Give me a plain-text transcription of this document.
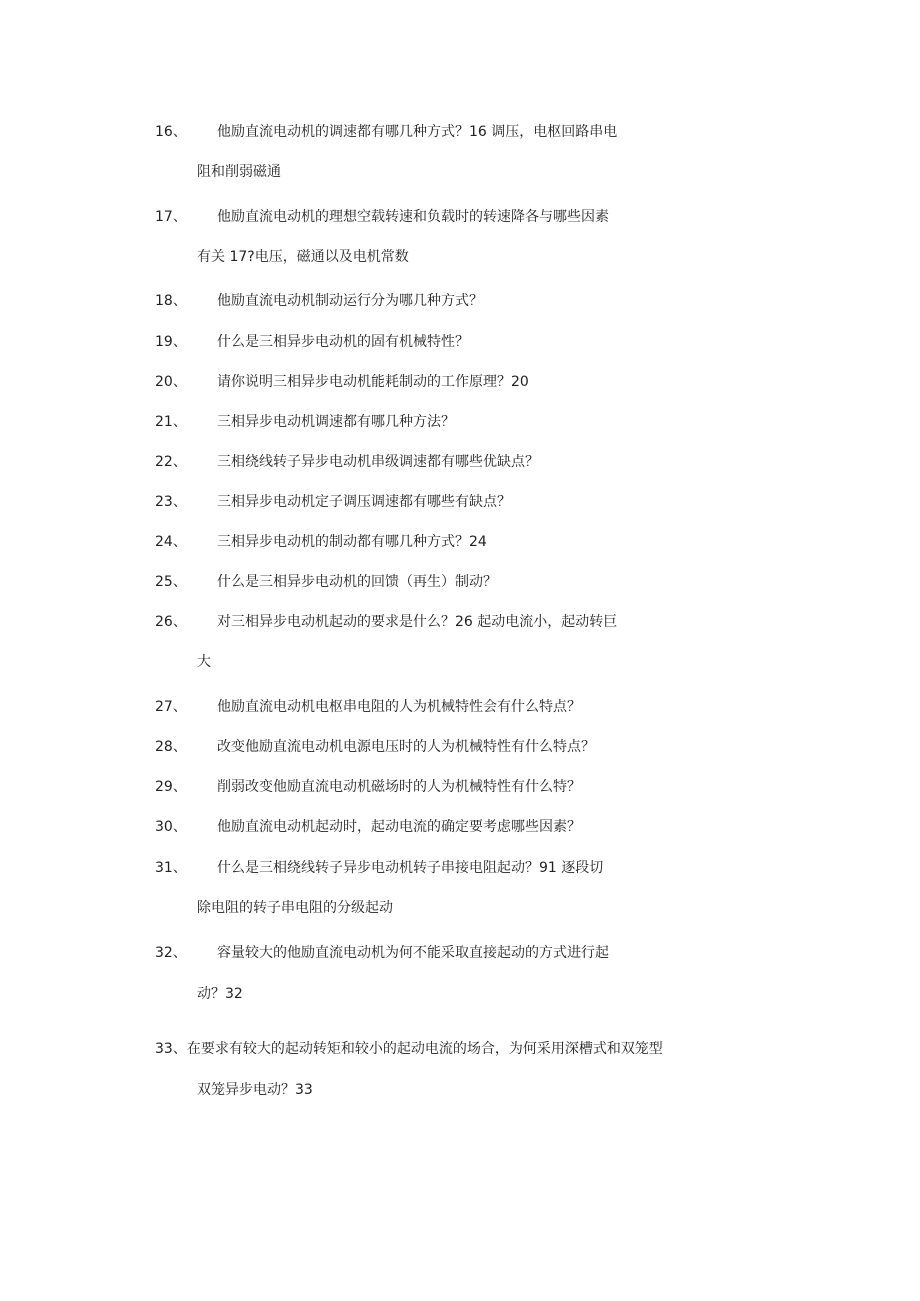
16、	他励直流电动机的调速都有哪几种方式？16 调压，电枢回路串电
阻和削弱磁通
17、	他励直流电动机的理想空载转速和负载时的转速降各与哪些因素
有关 17?电压，磁通以及电机常数
18、	他励直流电动机制动运行分为哪几种方式？
19、	什么是三相异步电动机的固有机械特性？
20、	请你说明三相异步电动机能耗制动的工作原理？20
21、	三相异步电动机调速都有哪几种方法？
22、	三相绕线转子异步电动机串级调速都有哪些优缺点？
23、	三相异步电动机定子调压调速都有哪些有缺点？
24、	三相异步电动机的制动都有哪几种方式？24
25、	什么是三相异步电动机的回馈（再生）制动？
26、	对三相异步电动机起动的要求是什么？26 起动电流小，起动转巨
大
27、	他励直流电动机电枢串电阻的人为机械特性会有什么特点？
28、	改变他励直流电动机电源电压时的人为机械特性有什么特点？
29、	削弱改变他励直流电动机磁场时的人为机械特性有什么特？
30、	他励直流电动机起动时，起动电流的确定要考虑哪些因素？
31、	什么是三相绕线转子异步电动机转子串接电阻起动？91 逐段切
除电阻的转子串电阻的分级起动
32、	容量较大的他励直流电动机为何不能采取直接起动的方式进行起
动？32
33、在要求有较大的起动转矩和较小的起动电流的场合，为何采用深槽式和双笼型
双笼异步电动？33
